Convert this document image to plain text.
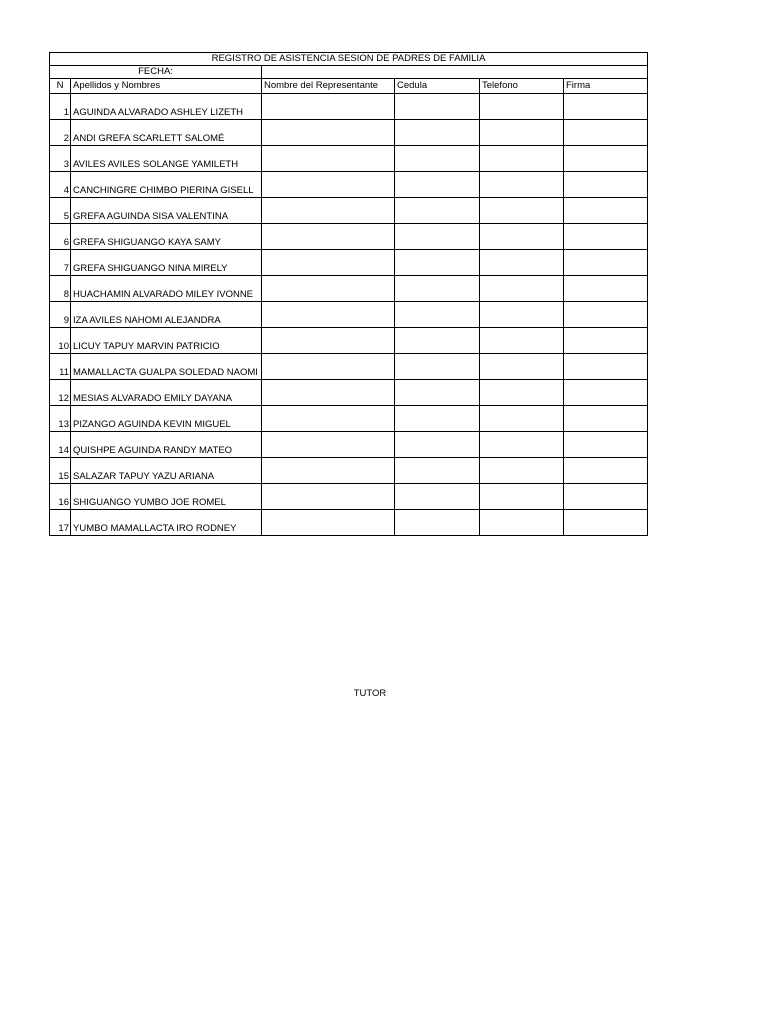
REGISTRO DE ASISTENCIA SESION DE PADRES DE FAMILIA					
FECHA:					
N	Apellidos y Nombres	Nombre del Representante	Cedula	Telefono	Firma
1	AGUINDA ALVARADO ASHLEY LIZETH				
2	ANDI GREFA SCARLETT SALOMÉ				
3	AVILES AVILES SOLANGE YAMILETH				
4	CANCHINGRE CHIMBO PIERINA GISELL				
5	GREFA AGUINDA SISA VALENTINA				
6	GREFA SHIGUANGO KAYA SAMY				
7	GREFA SHIGUANGO NINA MIRELY				
8	HUACHAMIN ALVARADO MILEY IVONNE				
9	IZA AVILES NAHOMI ALEJANDRA				
10	LICUY TAPUY MARVIN PATRICIO				
11	MAMALLACTA GUALPA SOLEDAD NAOMI				
12	MESIAS ALVARADO EMILY DAYANA				
13	PIZANGO AGUINDA KEVIN MIGUEL				
14	QUISHPE AGUINDA RANDY MATEO				
15	SALAZAR TAPUY YAZU ARIANA				
16	SHIGUANGO YUMBO JOE ROMEL				
17	YUMBO MAMALLACTA IRO RODNEY				
TUTOR
